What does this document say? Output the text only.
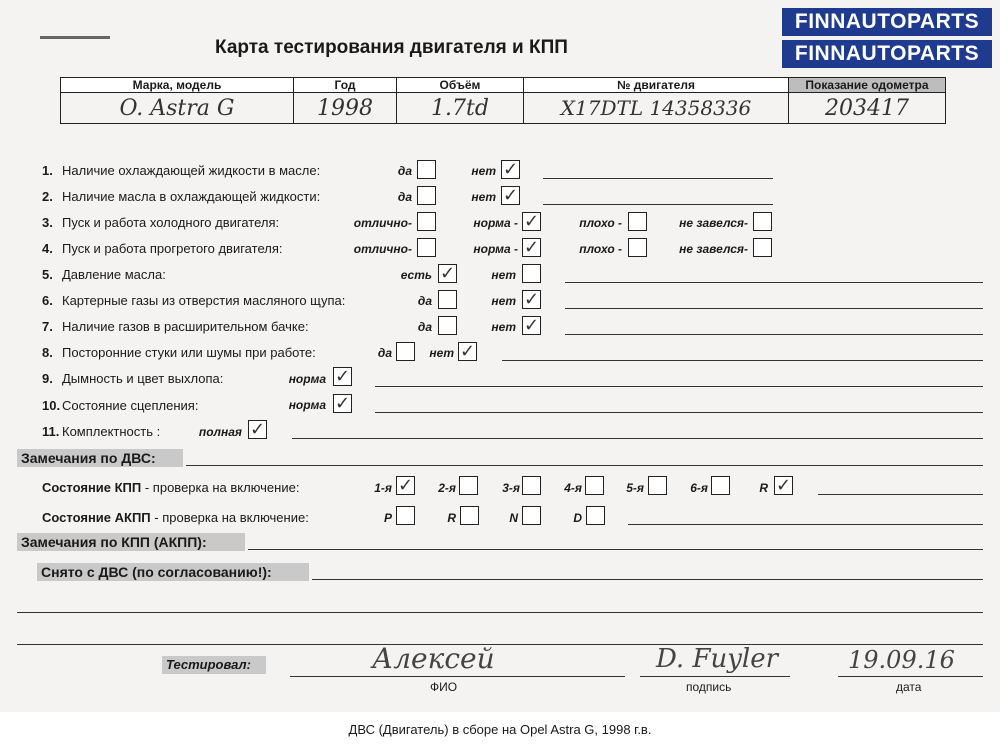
FINNAUTOPARTS
FINNAUTOPARTS
Карта тестирования двигателя и КПП
Марка, модель	Год	Объём	№ двигателя	Показание одометра
O. Astra G	1998	1.7td	X17DTL 14358336	203417
1. Наличие охлаждающей жидкости в масле:	да	нет ✓
2. Наличие масла в охлаждающей жидкости:	да	нет ✓
3. Пуск и работа холодного двигателя:	отлично-	норма - ✓	плохо -	не завелся-
4. Пуск и работа прогретого двигателя:	отлично-	норма - ✓	плохо -	не завелся-
5. Давление масла:	есть ✓	нет
6. Картерные газы из отверстия масляного щупа:	да	нет ✓
7. Наличие газов в расширительном бачке:	да	нет ✓
8. Посторонние стуки или шумы при работе:	да	нет ✓
9. Дымность и цвет выхлопа:	норма ✓
10. Состояние сцепления:	норма ✓
11. Комплектность :	полная ✓
Замечания по ДВС:
Состояние КПП - проверка на включение:	1-я ✓	2-я	3-я	4-я	5-я	6-я	R ✓
Состояние АКПП - проверка на включение:	P	R	N	D
Замечания по КПП (АКПП):
Снято с ДВС (по согласованию!):
Тестировал:	Алексей
ФИО
D. Fuyler
подпись
19.09.16
дата
ДВС (Двигатель) в сборе на Opel Astra G, 1998 г.в.
